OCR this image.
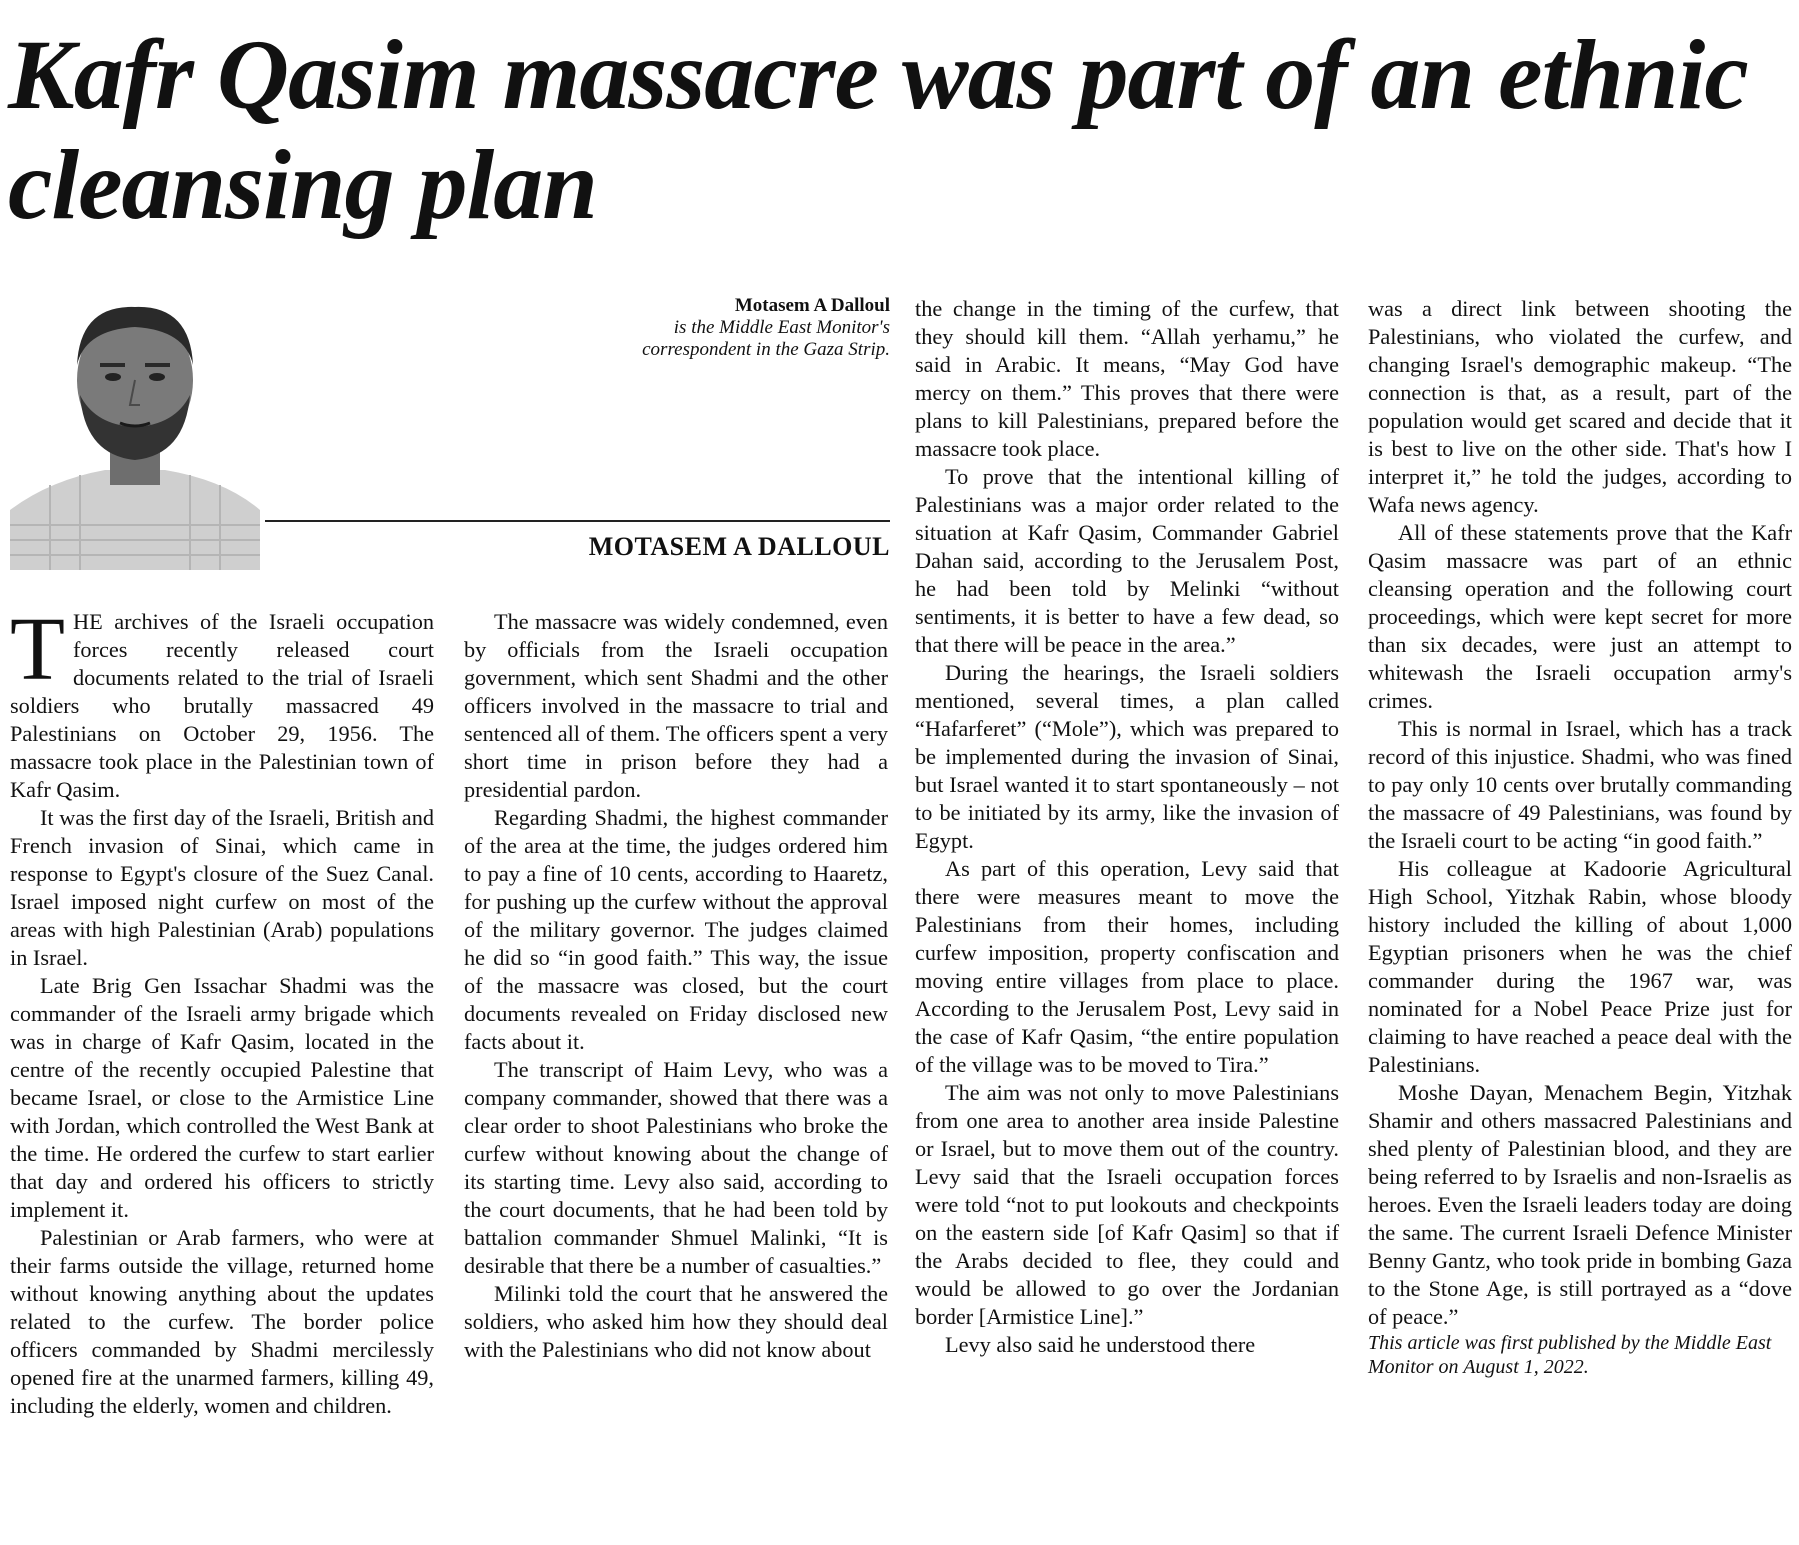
Kafr Qasim massacre was part of an ethnic cleansing plan
Motasem A Dalloul
is the Middle East Monitor's correspondent in the Gaza Strip.
MOTASEM A DALLOUL

THE archives of the Israeli occupation forces recently released court documents related to the trial of Israeli soldiers who brutally massacred 49 Palestinians on October 29, 1956. The massacre took place in the Palestinian town of Kafr Qasim.

It was the first day of the Israeli, British and French invasion of Sinai, which came in response to Egypt's closure of the Suez Canal. Israel imposed night curfew on most of the areas with high Palestinian (Arab) populations in Israel.

Late Brig Gen Issachar Shadmi was the commander of the Israeli army brigade which was in charge of Kafr Qasim, located in the centre of the recently occupied Palestine that became Israel, or close to the Armistice Line with Jordan, which controlled the West Bank at the time. He ordered the curfew to start earlier that day and ordered his officers to strictly implement it.

Palestinian or Arab farmers, who were at their farms outside the village, returned home without knowing anything about the updates related to the curfew. The border police officers commanded by Shadmi mercilessly opened fire at the unarmed farmers, killing 49, including the elderly, women and children.

The massacre was widely condemned, even by officials from the Israeli occupation government, which sent Shadmi and the other officers involved in the massacre to trial and sentenced all of them. The officers spent a very short time in prison before they had a presidential pardon.

Regarding Shadmi, the highest commander of the area at the time, the judges ordered him to pay a fine of 10 cents, according to Haaretz, for pushing up the curfew without the approval of the military governor. The judges claimed he did so “in good faith.” This way, the issue of the massacre was closed, but the court documents revealed on Friday disclosed new facts about it.

The transcript of Haim Levy, who was a company commander, showed that there was a clear order to shoot Palestinians who broke the curfew without knowing about the change of its starting time. Levy also said, according to the court documents, that he had been told by battalion commander Shmuel Malinki, “It is desirable that there be a number of casualties.”

Milinki told the court that he answered the soldiers, who asked him how they should deal with the Palestinians who did not know about

the change in the timing of the curfew, that they should kill them. “Allah yerhamu,” he said in Arabic. It means, “May God have mercy on them.” This proves that there were plans to kill Palestinians, prepared before the massacre took place.

To prove that the intentional killing of Palestinians was a major order related to the situation at Kafr Qasim, Commander Gabriel Dahan said, according to the Jerusalem Post, he had been told by Melinki “without sentiments, it is better to have a few dead, so that there will be peace in the area.”

During the hearings, the Israeli soldiers mentioned, several times, a plan called “Hafarferet” (“Mole”), which was prepared to be implemented during the invasion of Sinai, but Israel wanted it to start spontaneously – not to be initiated by its army, like the invasion of Egypt.

As part of this operation, Levy said that there were measures meant to move the Palestinians from their homes, including curfew imposition, property confiscation and moving entire villages from place to place. According to the Jerusalem Post, Levy said in the case of Kafr Qasim, “the entire population of the village was to be moved to Tira.”

The aim was not only to move Palestinians from one area to another area inside Palestine or Israel, but to move them out of the country. Levy said that the Israeli occupation forces were told “not to put lookouts and checkpoints on the eastern side [of Kafr Qasim] so that if the Arabs decided to flee, they could and would be allowed to go over the Jordanian border [Armistice Line].”

Levy also said he understood there

was a direct link between shooting the Palestinians, who violated the curfew, and changing Israel's demographic makeup. “The connection is that, as a result, part of the population would get scared and decide that it is best to live on the other side. That's how I interpret it,” he told the judges, according to Wafa news agency.

All of these statements prove that the Kafr Qasim massacre was part of an ethnic cleansing operation and the following court proceedings, which were kept secret for more than six decades, were just an attempt to whitewash the Israeli occupation army's crimes.

This is normal in Israel, which has a track record of this injustice. Shadmi, who was fined to pay only 10 cents over brutally commanding the massacre of 49 Palestinians, was found by the Israeli court to be acting “in good faith.”

His colleague at Kadoorie Agricultural High School, Yitzhak Rabin, whose bloody history included the killing of about 1,000 Egyptian prisoners when he was the chief commander during the 1967 war, was nominated for a Nobel Peace Prize just for claiming to have reached a peace deal with the Palestinians.

Moshe Dayan, Menachem Begin, Yitzhak Shamir and others massacred Palestinians and shed plenty of Palestinian blood, and they are being referred to by Israelis and non-Israelis as heroes. Even the Israeli leaders today are doing the same. The current Israeli Defence Minister Benny Gantz, who took pride in bombing Gaza to the Stone Age, is still portrayed as a “dove of peace.”

This article was first published by the Middle East Monitor on August 1, 2022.
